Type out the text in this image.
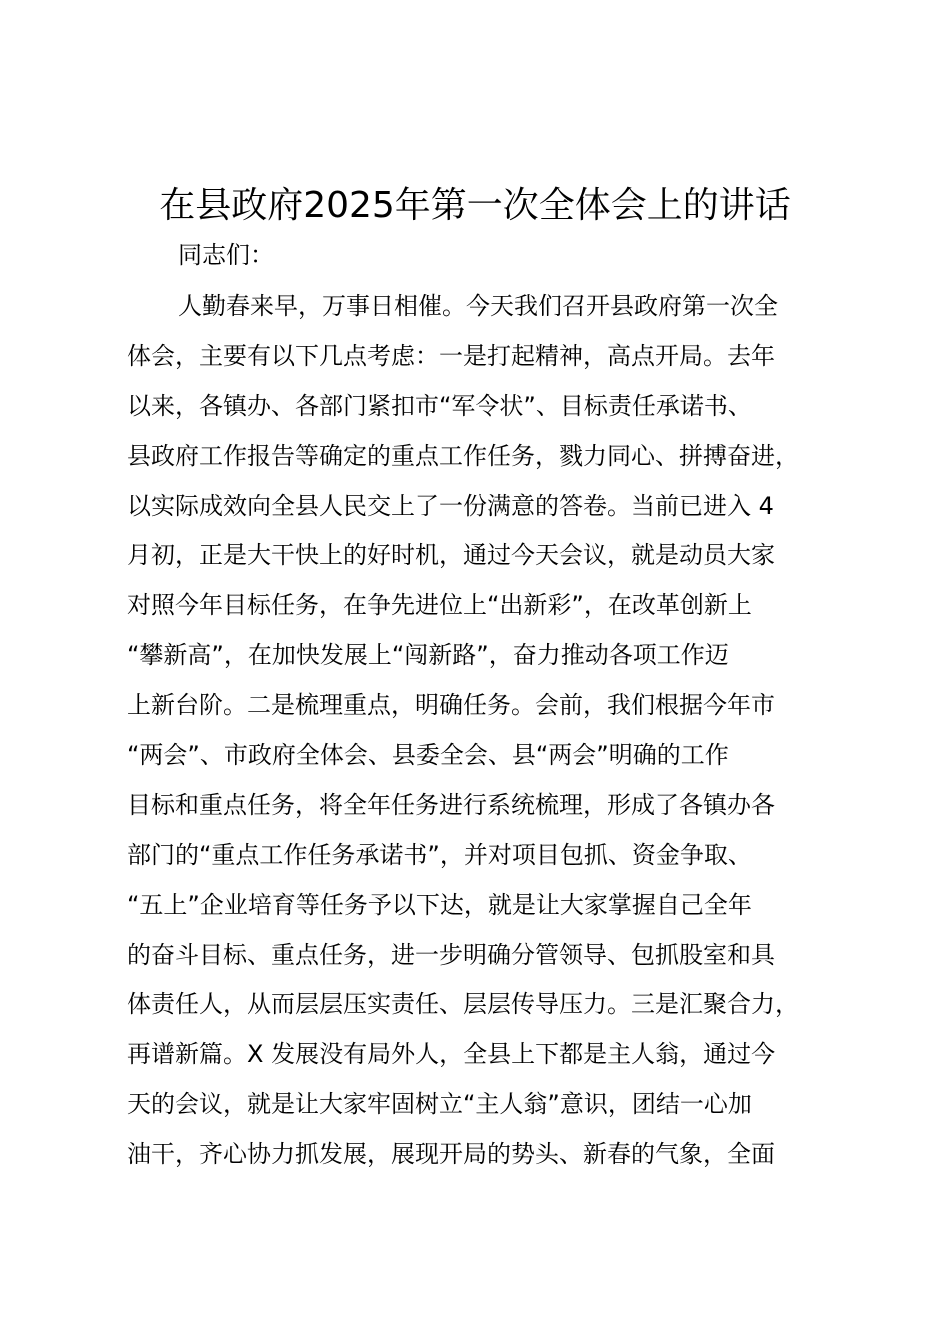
在县政府2025年第一次全体会上的讲话
同志们：
人勤春来早，万事日相催。今天我们召开县政府第一次全
体会，主要有以下几点考虑：一是打起精神，高点开局。去年
以来，各镇办、各部门紧扣市“军令状”、目标责任承诺书、
县政府工作报告等确定的重点工作任务，戮力同心、拼搏奋进，
以实际成效向全县人民交上了一份满意的答卷。当前已进入 4
月初，正是大干快上的好时机，通过今天会议，就是动员大家
对照今年目标任务，在争先进位上“出新彩”，在改革创新上
“攀新高”，在加快发展上“闯新路”，奋力推动各项工作迈
上新台阶。二是梳理重点，明确任务。会前，我们根据今年市
“两会”、市政府全体会、县委全会、县“两会”明确的工作
目标和重点任务，将全年任务进行系统梳理，形成了各镇办各
部门的“重点工作任务承诺书”，并对项目包抓、资金争取、
“五上”企业培育等任务予以下达，就是让大家掌握自己全年
的奋斗目标、重点任务，进一步明确分管领导、包抓股室和具
体责任人，从而层层压实责任、层层传导压力。三是汇聚合力，
再谱新篇。X 发展没有局外人，全县上下都是主人翁，通过今
天的会议，就是让大家牢固树立“主人翁”意识，团结一心加
油干，齐心协力抓发展，展现开局的势头、新春的气象，全面
